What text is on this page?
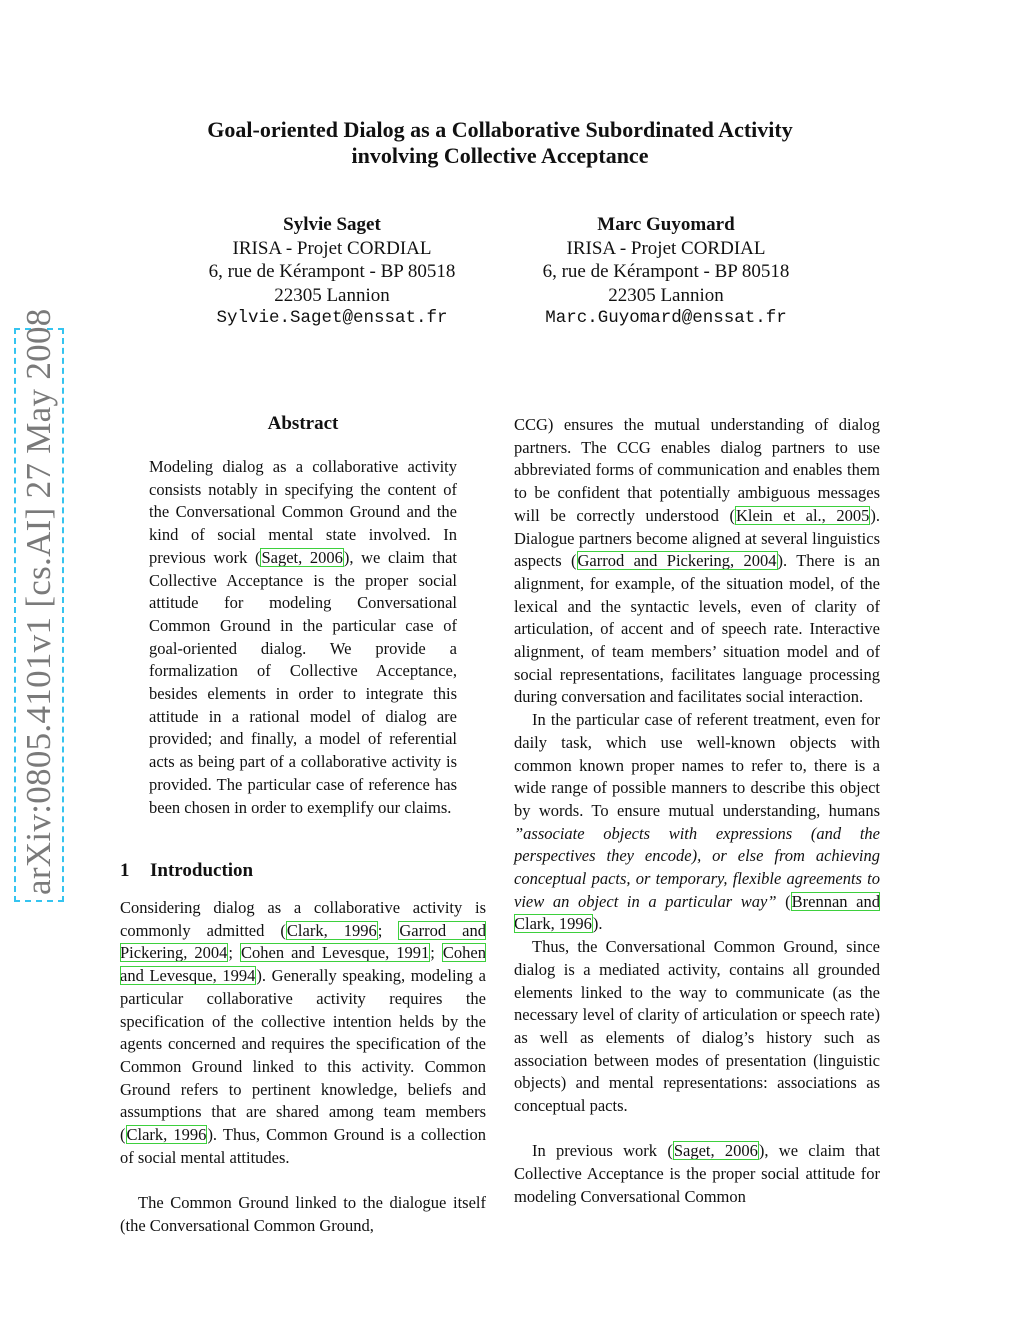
arXiv:0805.4101v1 [cs.AI] 27 May 2008
Goal-oriented Dialog as a Collaborative Subordinated Activity
involving Collective Acceptance
Sylvie Saget
IRISA - Projet CORDIAL
6, rue de Kérampont - BP 80518
22305 Lannion
Sylvie.Saget@enssat.fr
Marc Guyomard
IRISA - Projet CORDIAL
6, rue de Kérampont - BP 80518
22305 Lannion
Marc.Guyomard@enssat.fr
Abstract
Modeling dialog as a collaborative activity consists notably in specifying the content of the Conversational Common Ground and the kind of social mental state involved. In previous work (Saget, 2006), we claim that Collective Acceptance is the proper social attitude for modeling Conversational Common Ground in the particular case of goal-oriented dialog. We provide a formalization of Collective Acceptance, besides elements in order to integrate this attitude in a rational model of dialog are provided; and finally, a model of referential acts as being part of a collaborative activity is provided. The particular case of reference has been chosen in order to exemplify our claims.
1 Introduction

Considering dialog as a collaborative activity is commonly admitted (Clark, 1996; Garrod and Pickering, 2004; Cohen and Levesque, 1991; Cohen and Levesque, 1994). Generally speaking, modeling a particular collaborative activity requires the specification of the collective intention helds by the agents concerned and requires the specification of the Common Ground linked to this activity. Common Ground refers to pertinent knowledge, beliefs and assumptions that are shared among team members (Clark, 1996). Thus, Common Ground is a collection of social mental attitudes.

The Common Ground linked to the dialogue itself (the Conversational Common Ground,

CCG) ensures the mutual understanding of dialog partners. The CCG enables dialog partners to use abbreviated forms of communication and enables them to be confident that potentially ambiguous messages will be correctly understood (Klein et al., 2005). Dialogue partners become aligned at several linguistics aspects (Garrod and Pickering, 2004). There is an alignment, for example, of the situation model, of the lexical and the syntactic levels, even of clarity of articulation, of accent and of speech rate. Interactive alignment, of team members’ situation model and of social representations, facilitates language processing during conversation and facilitates social interaction.

In the particular case of referent treatment, even for daily task, which use well-known objects with common known proper names to refer to, there is a wide range of possible manners to describe this object by words. To ensure mutual understanding, humans ”associate objects with expressions (and the perspectives they encode), or else from achieving conceptual pacts, or temporary, flexible agreements to view an object in a particular way” (Brennan and Clark, 1996).

Thus, the Conversational Common Ground, since dialog is a mediated activity, contains all grounded elements linked to the way to communicate (as the necessary level of clarity of articulation or speech rate) as well as elements of dialog’s history such as association between modes of presentation (linguistic objects) and mental representations: associations as conceptual pacts.

In previous work (Saget, 2006), we claim that Collective Acceptance is the proper social attitude for modeling Conversational Common
